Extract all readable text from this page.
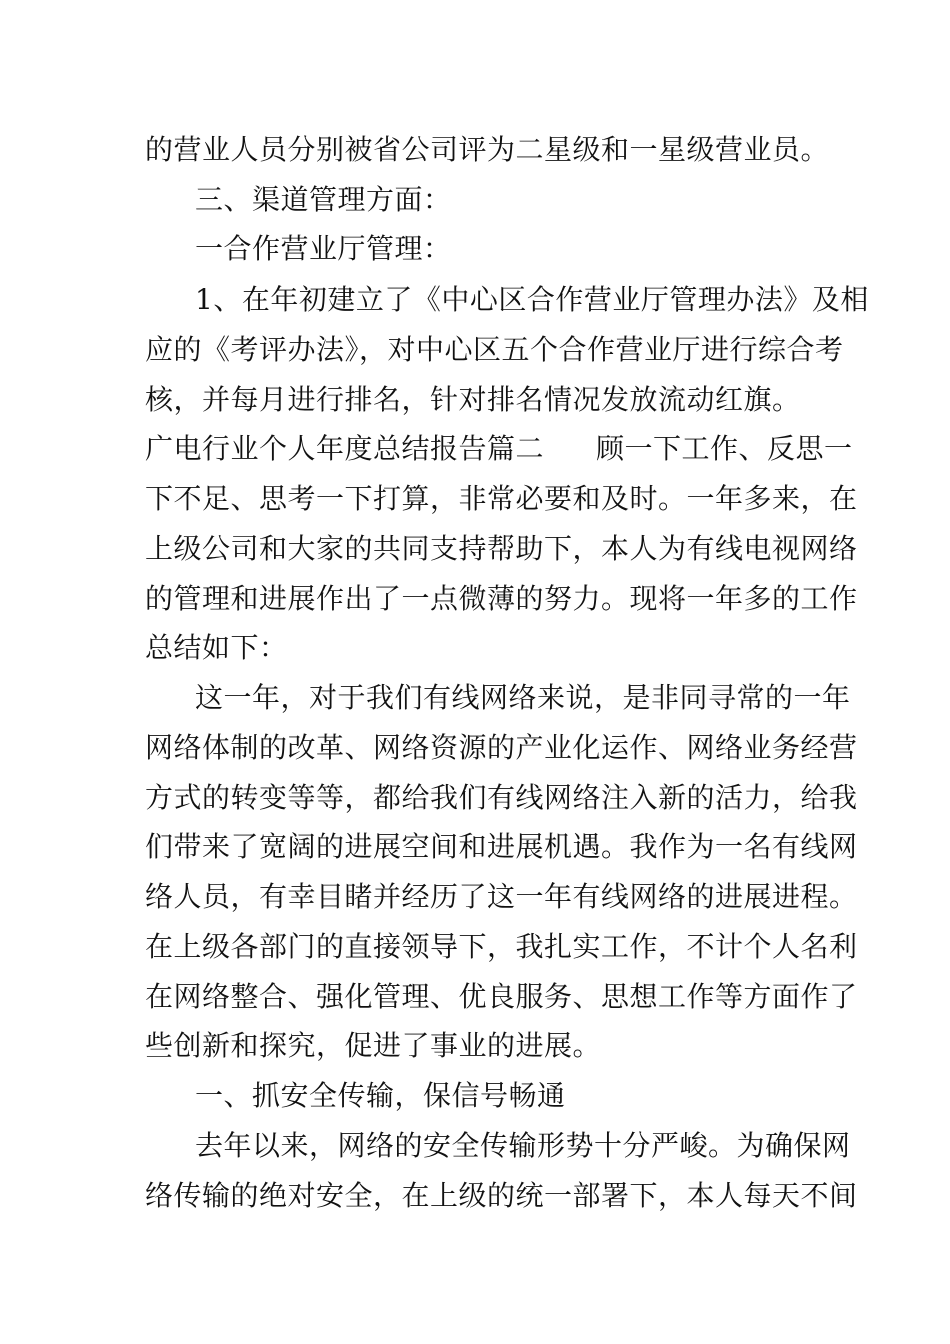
的营业人员分别被省公司评为二星级和一星级营业员。
三、渠道管理方面：
一合作营业厅管理：
1、在年初建立了《中心区合作营业厅管理办法》及相
应的《考评办法》，对中心区五个合作营业厅进行综合考
核，并每月进行排名，针对排名情况发放流动红旗。
广电行业个人年度总结报告篇二 顾一下工作、反思一
下不足、思考一下打算，非常必要和及时。一年多来，在
上级公司和大家的共同支持帮助下，本人为有线电视网络
的管理和进展作出了一点微薄的努力。现将一年多的工作
总结如下：
这一年，对于我们有线网络来说，是非同寻常的一年
网络体制的改革、网络资源的产业化运作、网络业务经营
方式的转变等等，都给我们有线网络注入新的活力，给我
们带来了宽阔的进展空间和进展机遇。我作为一名有线网
络人员，有幸目睹并经历了这一年有线网络的进展进程。
在上级各部门的直接领导下，我扎实工作，不计个人名利
在网络整合、强化管理、优良服务、思想工作等方面作了
些创新和探究，促进了事业的进展。
一、抓安全传输，保信号畅通
去年以来，网络的安全传输形势十分严峻。为确保网
络传输的绝对安全，在上级的统一部署下，本人每天不间
